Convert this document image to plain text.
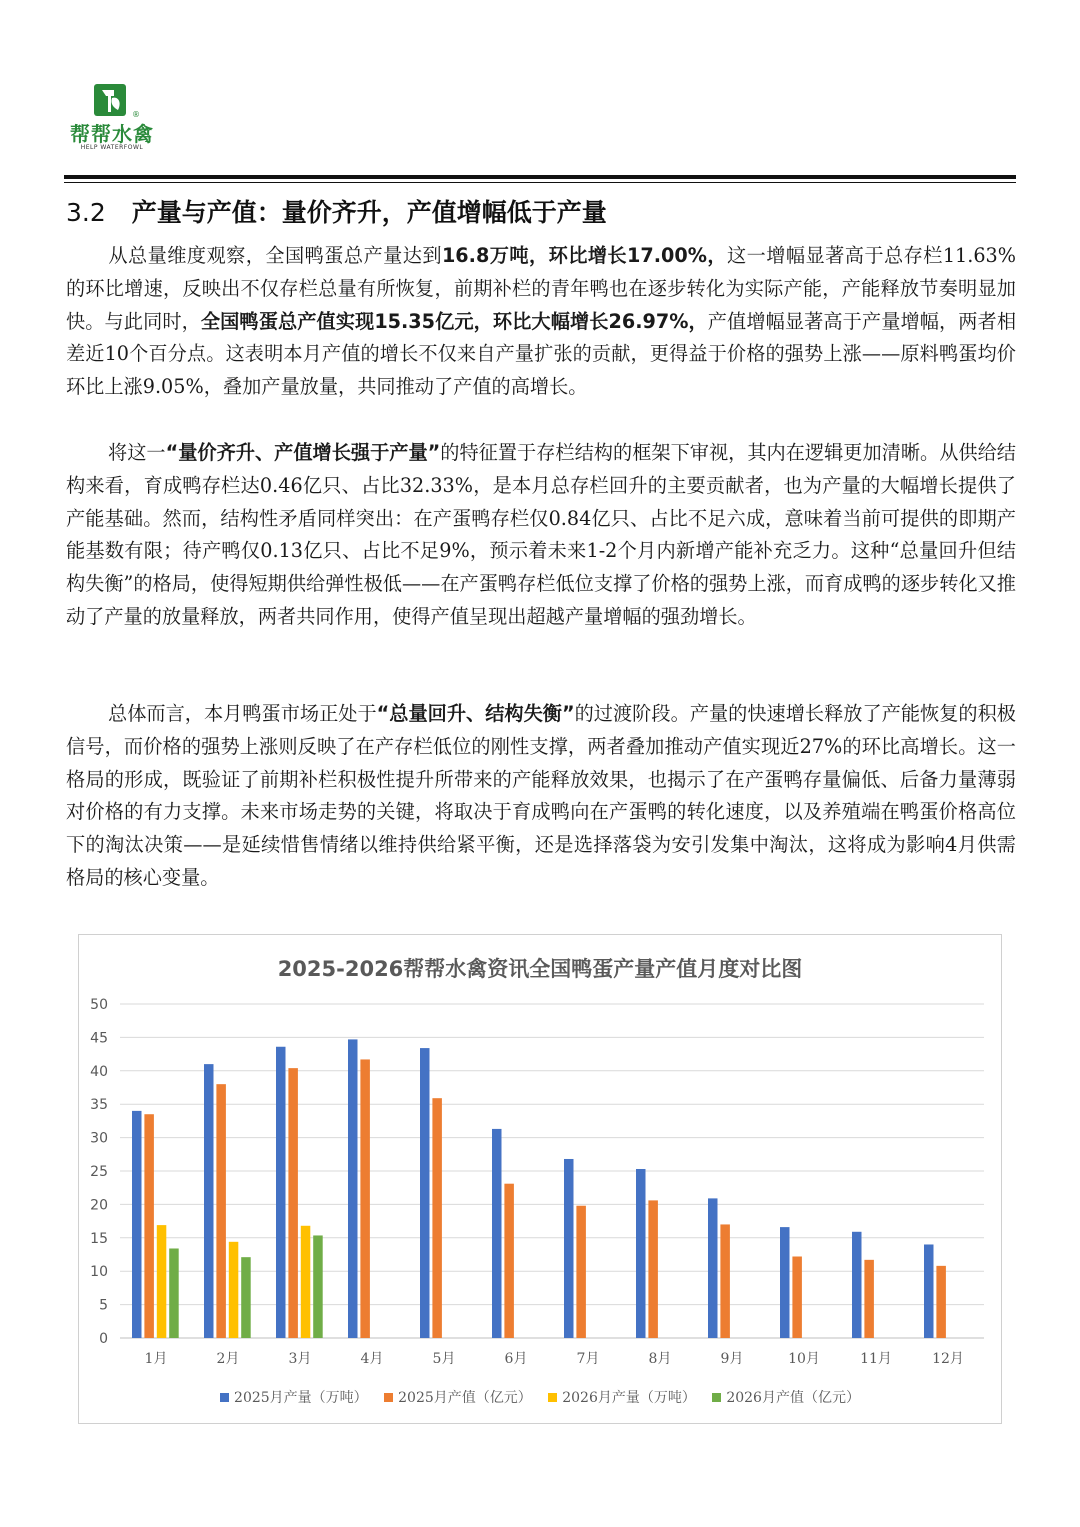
®
帮帮水禽
HELP WATERFOWL
3.2 产量与产值：量价齐升，产值增幅低于产量

从总量维度观察，全国鸭蛋总产量达到16.8万吨，环比增长17.00%，这一增幅显著高于总存栏11.63%的环比增速，反映出不仅存栏总量有所恢复，前期补栏的青年鸭也在逐步转化为实际产能，产能释放节奏明显加快。与此同时，全国鸭蛋总产值实现15.35亿元，环比大幅增长26.97%，产值增幅显著高于产量增幅，两者相差近10个百分点。这表明本月产值的增长不仅来自产量扩张的贡献，更得益于价格的强势上涨——原料鸭蛋均价环比上涨9.05%，叠加产量放量，共同推动了产值的高增长。

将这一“量价齐升、产值增长强于产量”的特征置于存栏结构的框架下审视，其内在逻辑更加清晰。从供给结构来看，育成鸭存栏达0.46亿只、占比32.33%，是本月总存栏回升的主要贡献者，也为产量的大幅增长提供了产能基础。然而，结构性矛盾同样突出：在产蛋鸭存栏仅0.84亿只、占比不足六成，意味着当前可提供的即期产能基数有限；待产鸭仅0.13亿只、占比不足9%，预示着未来1-2个月内新增产能补充乏力。这种“总量回升但结构失衡”的格局，使得短期供给弹性极低——在产蛋鸭存栏低位支撑了价格的强势上涨，而育成鸭的逐步转化又推动了产量的放量释放，两者共同作用，使得产值呈现出超越产量增幅的强劲增长。

总体而言，本月鸭蛋市场正处于“总量回升、结构失衡”的过渡阶段。产量的快速增长释放了产能恢复的积极信号，而价格的强势上涨则反映了在产存栏低位的刚性支撑，两者叠加推动产值实现近27%的环比高增长。这一格局的形成，既验证了前期补栏积极性提升所带来的产能释放效果，也揭示了在产蛋鸭存量偏低、后备力量薄弱对价格的有力支撑。未来市场走势的关键，将取决于育成鸭向在产蛋鸭的转化速度，以及养殖端在鸭蛋价格高位下的淘汰决策——是延续惜售情绪以维持供给紧平衡，还是选择落袋为安引发集中淘汰，这将成为影响4月供需格局的核心变量。

2025-2026帮帮水禽资讯全国鸭蛋产量产值月度对比图
0
5
10
15
20
25
30
35
40
45
50
1月	2月	3月	4月	5月	6月	7月	8月	9月	10月	11月	12月
2025月产量（万吨） 2025月产值（亿元） 2026月产量（万吨） 2026月产值（亿元）
